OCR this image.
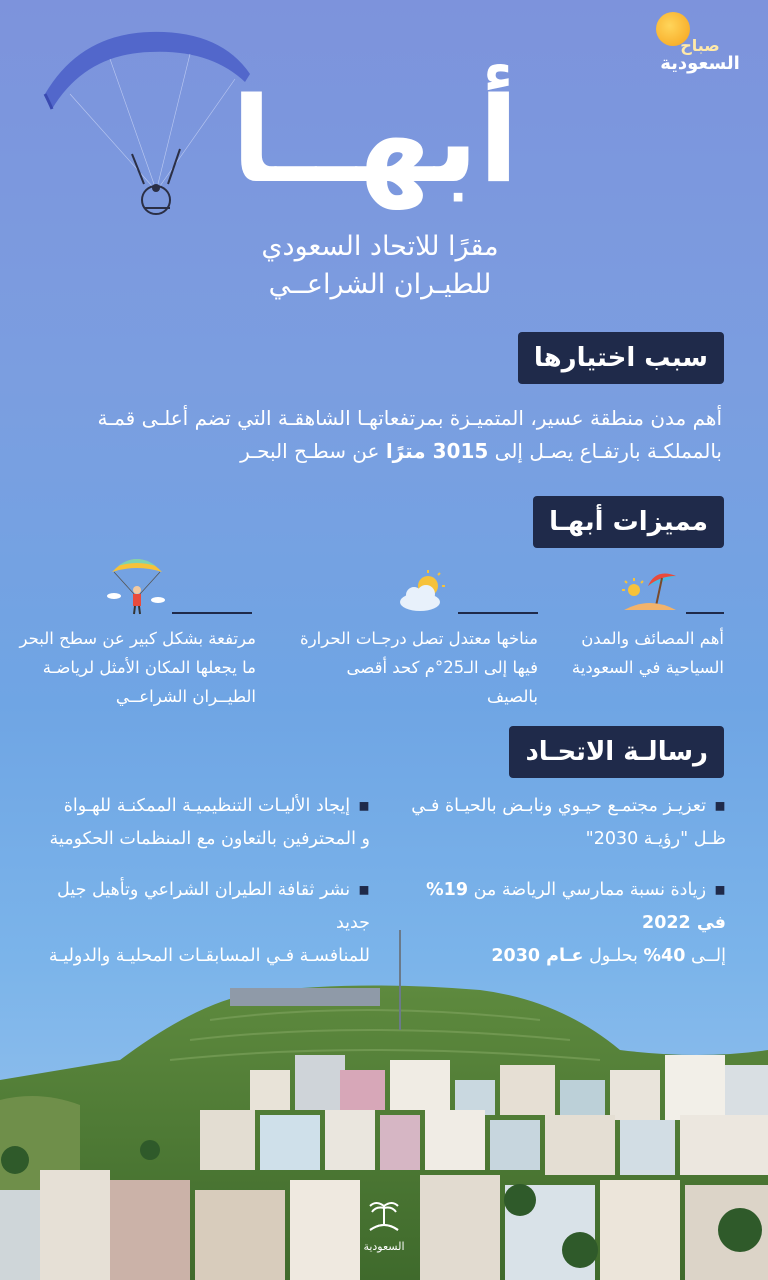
صباح
السعودية
أبهــا
مقرًا للاتحاد السعودي
للطيـران الشراعــي
سبب اختيارها
أهم مدن منطقة عسير، المتميـزة بمرتفعاتهـا الشاهقـة التي تضم أعلـى قمـة
بالمملكـة بارتفـاع يصـل إلى 3015 مترًا عن سطـح البحـر
مميزات أبهـا
أهم المصائف والمدن
السياحية في السعودية
مناخها معتدل تصل درجـات الحرارة
فيها إلى الـ25°م كحد أقصى بالصيف
مرتفعة بشكل كبير عن سطح البحر
ما يجعلها المكان الأمثل لرياضـة
الطيــران الشراعــي
رسالـة الاتحـاد
▪تعزيـز مجتمـع حيـوي ونابـض بالحيـاة فـي
ظـل "رؤيـة 2030"
▪إيجاد الأليـات التنظيميـة الممكنـة للهـواة
و المحترفين بالتعاون مع المنظمات الحكومية
▪زيادة نسبة ممارسي الرياضة من 19% في 2022
إلــى 40% بحلـول عـام 2030
▪نشر ثقافة الطيران الشراعي وتأهيل جيل جديد
للمنافسـة فـي المسابقـات المحليـة والدوليـة
السعودية
